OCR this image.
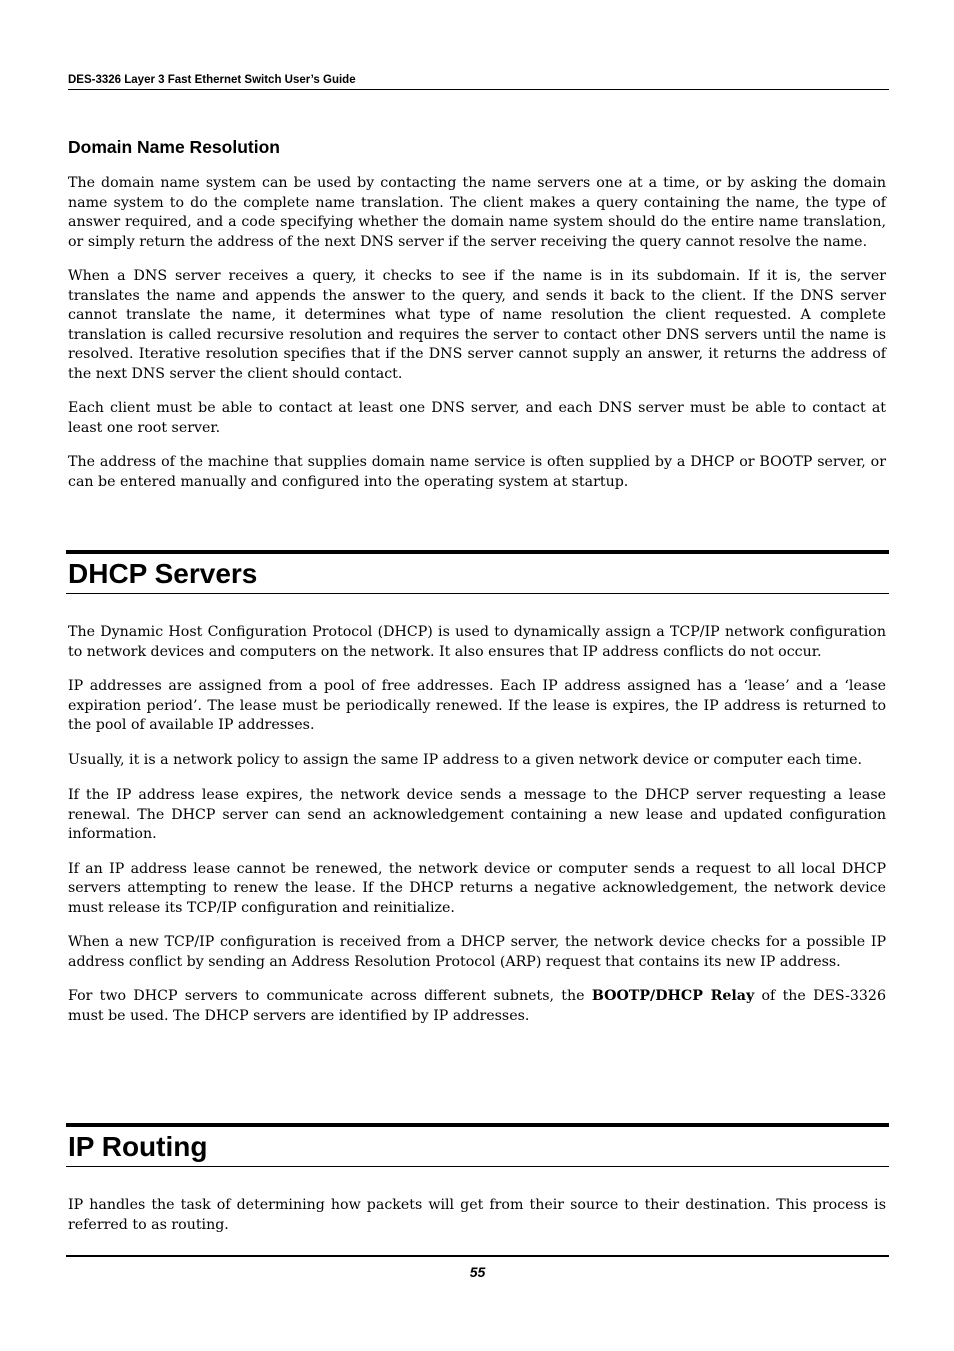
DES-3326 Layer 3 Fast Ethernet Switch User’s Guide
Domain Name Resolution

The domain name system can be used by contacting the name servers one at a time, or by asking the domain name system to do the complete name translation. The client makes a query containing the name, the type of answer required, and a code specifying whether the domain name system should do the entire name translation, or simply return the address of the next DNS server if the server receiving the query cannot resolve the name.

When a DNS server receives a query, it checks to see if the name is in its subdomain. If it is, the server translates the name and appends the answer to the query, and sends it back to the client. If the DNS server cannot translate the name, it determines what type of name resolution the client requested. A complete translation is called recursive resolution and requires the server to contact other DNS servers until the name is resolved. Iterative resolution specifies that if the DNS server cannot supply an answer, it returns the address of the next DNS server the client should contact.

Each client must be able to contact at least one DNS server, and each DNS server must be able to contact at least one root server.

The address of the machine that supplies domain name service is often supplied by a DHCP or BOOTP server, or can be entered manually and configured into the operating system at startup.

DHCP Servers

The Dynamic Host Configuration Protocol (DHCP) is used to dynamically assign a TCP/IP network configuration to network devices and computers on the network. It also ensures that IP address conflicts do not occur.

IP addresses are assigned from a pool of free addresses. Each IP address assigned has a ‘lease’ and a ‘lease expiration period’. The lease must be periodically renewed. If the lease is expires, the IP address is returned to the pool of available IP addresses.

Usually, it is a network policy to assign the same IP address to a given network device or computer each time.

If the IP address lease expires, the network device sends a message to the DHCP server requesting a lease renewal. The DHCP server can send an acknowledgement containing a new lease and updated configuration information.

If an IP address lease cannot be renewed, the network device or computer sends a request to all local DHCP servers attempting to renew the lease. If the DHCP returns a negative acknowledgement, the network device must release its TCP/IP configuration and reinitialize.

When a new TCP/IP configuration is received from a DHCP server, the network device checks for a possible IP address conflict by sending an Address Resolution Protocol (ARP) request that contains its new IP address.

For two DHCP servers to communicate across different subnets, the BOOTP/DHCP Relay of the DES-3326 must be used. The DHCP servers are identified by IP addresses.

IP Routing

IP handles the task of determining how packets will get from their source to their destination. This process is referred to as routing.

55
